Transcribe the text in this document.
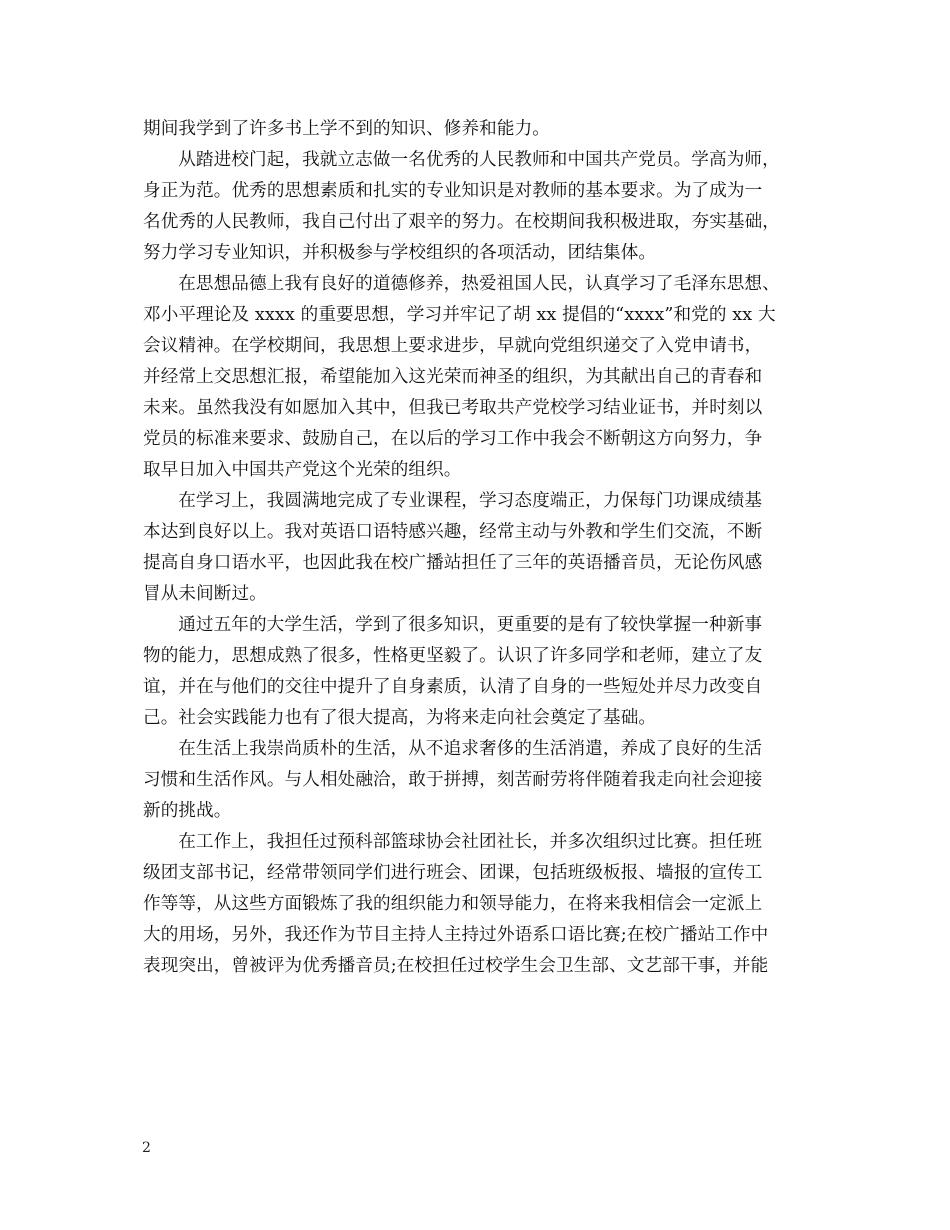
期间我学到了许多书上学不到的知识、修养和能力。

从踏进校门起，我就立志做一名优秀的人民教师和中国共产党员。学高为师，

身正为范。优秀的思想素质和扎实的专业知识是对教师的基本要求。为了成为一

名优秀的人民教师，我自己付出了艰辛的努力。在校期间我积极进取，夯实基础，

努力学习专业知识，并积极参与学校组织的各项活动，团结集体。

在思想品德上我有良好的道德修养，热爱祖国人民，认真学习了毛泽东思想、

邓小平理论及 xxxx 的重要思想，学习并牢记了胡 xx 提倡的“xxxx”和党的 xx 大

会议精神。在学校期间，我思想上要求进步，早就向党组织递交了入党申请书，

并经常上交思想汇报，希望能加入这光荣而神圣的组织，为其献出自己的青春和

未来。虽然我没有如愿加入其中，但我已考取共产党校学习结业证书，并时刻以

党员的标准来要求、鼓励自己，在以后的学习工作中我会不断朝这方向努力，争

取早日加入中国共产党这个光荣的组织。

在学习上，我圆满地完成了专业课程，学习态度端正，力保每门功课成绩基

本达到良好以上。我对英语口语特感兴趣，经常主动与外教和学生们交流，不断

提高自身口语水平，也因此我在校广播站担任了三年的英语播音员，无论伤风感

冒从未间断过。

通过五年的大学生活，学到了很多知识，更重要的是有了较快掌握一种新事

物的能力，思想成熟了很多，性格更坚毅了。认识了许多同学和老师，建立了友

谊，并在与他们的交往中提升了自身素质，认清了自身的一些短处并尽力改变自

己。社会实践能力也有了很大提高，为将来走向社会奠定了基础。

在生活上我崇尚质朴的生活，从不追求奢侈的生活消遣，养成了良好的生活

习惯和生活作风。与人相处融洽，敢于拼搏，刻苦耐劳将伴随着我走向社会迎接

新的挑战。

在工作上，我担任过预科部篮球协会社团社长，并多次组织过比赛。担任班

级团支部书记，经常带领同学们进行班会、团课，包括班级板报、墙报的宣传工

作等等，从这些方面锻炼了我的组织能力和领导能力，在将来我相信会一定派上

大的用场，另外，我还作为节目主持人主持过外语系口语比赛;在校广播站工作中

表现突出，曾被评为优秀播音员;在校担任过校学生会卫生部、文艺部干事，并能

2
